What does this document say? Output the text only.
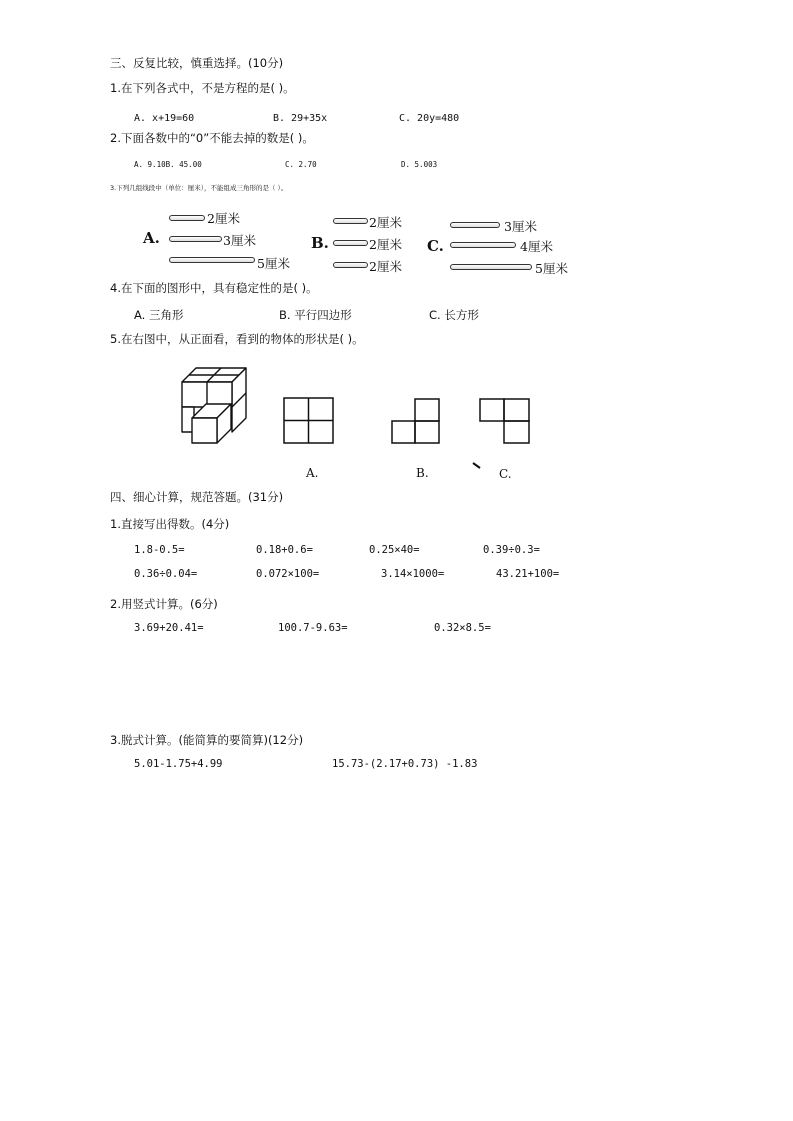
三、反复比较，慎重选择。(10分)
1.在下列各式中，不是方程的是( )。
A. x+19=60	B. 29+35x	C. 20y=480
2.下面各数中的“0”不能去掉的数是( )。
A. 9.10B. 45.00	C. 2.70	D. 5.003
3.下列几组线段中（单位：厘米），不能组成三角形的是（ ）。
A.
2厘米
3厘米
5厘米
B.
2厘米
2厘米
2厘米
C.
3厘米
4厘米
5厘米
4.在下面的图形中，具有稳定性的是( )。
A. 三角形	B. 平行四边形	C. 长方形
5.在右图中，从正面看，看到的物体的形状是( )。
A.	B.	C.
四、细心计算，规范答题。(31分)
1.直接写出得数。(4分)
1.8-0.5=	0.18+0.6=	0.25×40=	0.39÷0.3=
0.36÷0.04=	0.072×100=	3.14×1000=	43.21+100=
2.用竖式计算。(6分)
3.69+20.41=	100.7-9.63=	0.32×8.5=
3.脱式计算。(能简算的要简算)(12分)
5.01-1.75+4.99	15.73-(2.17+0.73) -1.83
